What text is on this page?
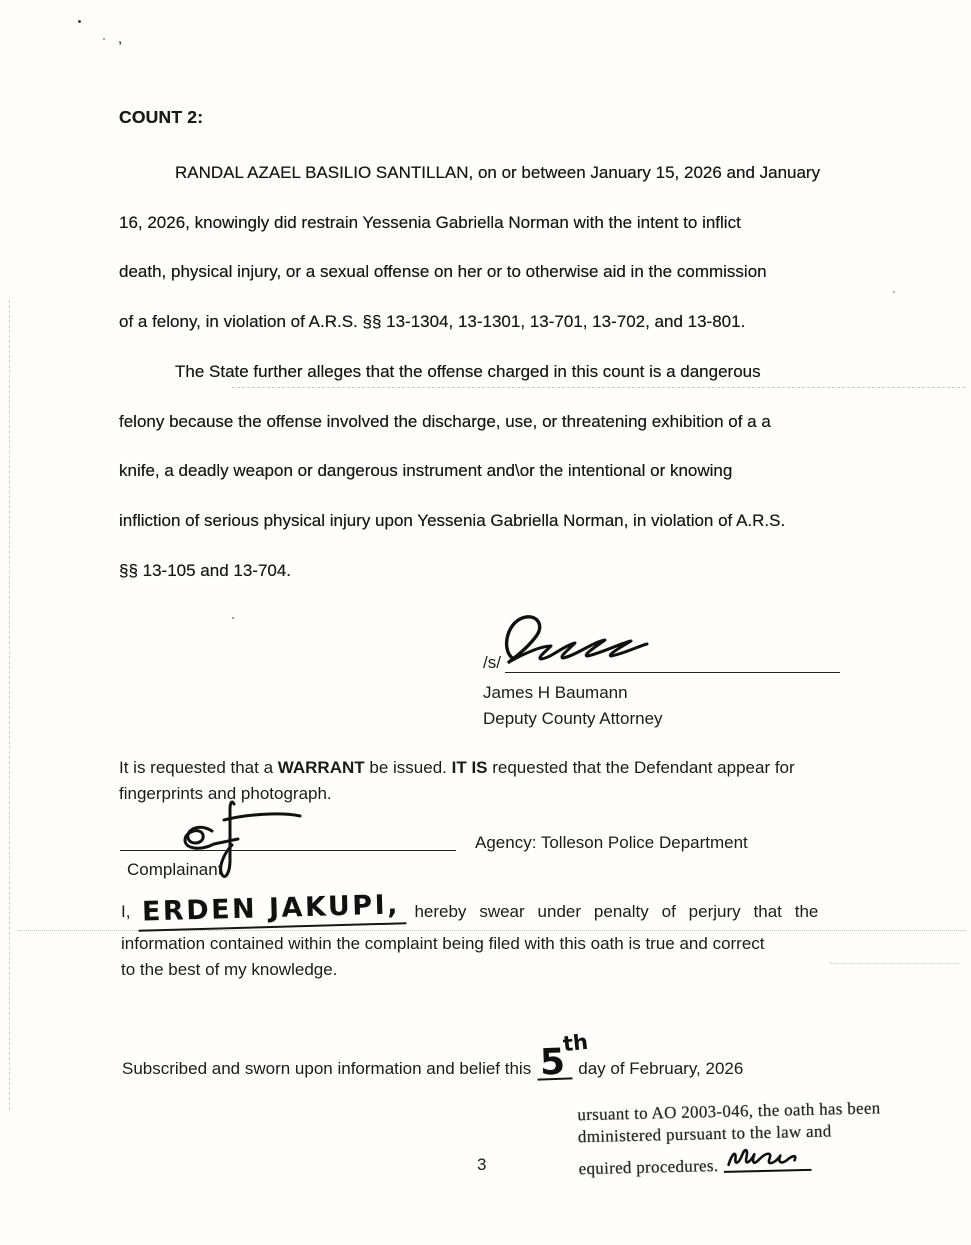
,
COUNT 2:
RANDAL AZAEL BASILIO SANTILLAN, on or between January 15, 2026 and January
16, 2026, knowingly did restrain Yessenia Gabriella Norman with the intent to inflict
death, physical injury, or a sexual offense on her or to otherwise aid in the commission
of a felony, in violation of A.R.S. §§ 13-1304, 13-1301, 13-701, 13-702, and 13-801.
The State further alleges that the offense charged in this count is a dangerous
felony because the offense involved the discharge, use, or threatening exhibition of a a
knife, a deadly weapon or dangerous instrument and\or the intentional or knowing
infliction of serious physical injury upon Yessenia Gabriella Norman, in violation of A.R.S.
§§ 13-105 and 13-704.
/s/
James H Baumann
Deputy County Attorney
It is requested that a WARRANT be issued. IT IS requested that the Defendant appear for
fingerprints and photograph.
Agency: Tolleson Police Department
Complainant
I, ERDEN JAKUPI, hereby swear under penalty of perjury that the
information contained within the complaint being filed with this oath is true and correct
to the best of my knowledge.
Subscribed and sworn upon information and belief this 5
th
day of February, 2026
ursuant to AO 2003-046, the oath has been
dministered pursuant to the law and
equired procedures.
3
